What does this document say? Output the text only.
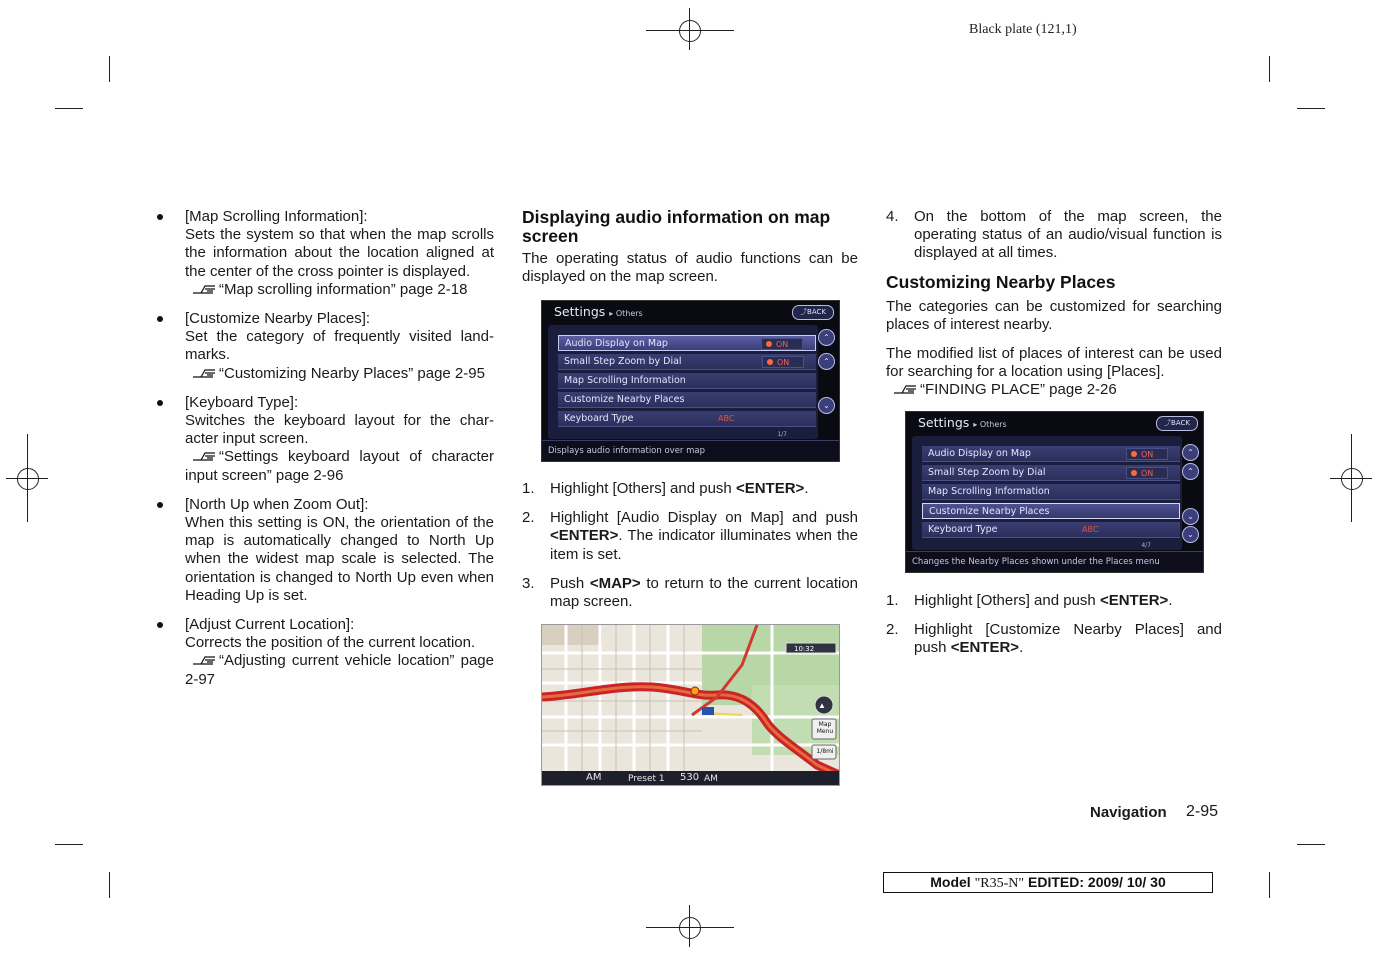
Black plate (121,1)

[Map Scrolling Information]:

Sets the system so that when the map scrolls the information about the location aligned at the center of the cross pointer is displayed.

“Map scrolling information” page 2-18

[Customize Nearby Places]:

Set the category of frequently visited land-marks.

“Customizing Nearby Places” page 2-95

[Keyboard Type]:

Switches the keyboard layout for the char-acter input screen.

“Settings keyboard layout of character input screen” page 2-96

[North Up when Zoom Out]:

When this setting is ON, the orientation of the map is automatically changed to North Up when the widest map scale is selected. The orientation is changed to North Up even when Heading Up is set.

[Adjust Current Location]:

Corrects the position of the current location.

“Adjusting current vehicle location” page 2-97

Displaying audio information on map screen

The operating status of audio functions can be displayed on the map screen.

Settings ▸ Others	⤴BACK
Audio Display on Map	ON
Small Step Zoom by Dial	ON
Map Scrolling Information
Customize Nearby Places
Keyboard Type	ABC
⌃
⌃
⌄
1/7
Displays audio information over map
1. Highlight [Others] and push <ENTER>.

2. Highlight [Audio Display on Map] and push <ENTER>. The indicator illuminates when the item is set.

3. Push <MAP> to return to the current location map screen.

10:32
▲
Map Menu
1/8mi
AM	Preset 1 530 AM
4. On the bottom of the map screen, the operating status of an audio/visual function is displayed at all times.

Customizing Nearby Places

The categories can be customized for searching places of interest nearby.

The modified list of places of interest can be used for searching for a location using [Places].

“FINDING PLACE” page 2-26

Settings ▸ Others	⤴BACK
Audio Display on Map	ON
Small Step Zoom by Dial	ON
Map Scrolling Information
Customize Nearby Places
Keyboard Type	ABC
⌃
⌃
⌄
⌄
4/7
Changes the Nearby Places shown under the Places menu
1. Highlight [Others] and push <ENTER>.

2. Highlight [Customize Nearby Places] and push <ENTER>.

Navigation 2-95
Model "R35-N" EDITED: 2009/ 10/ 30
